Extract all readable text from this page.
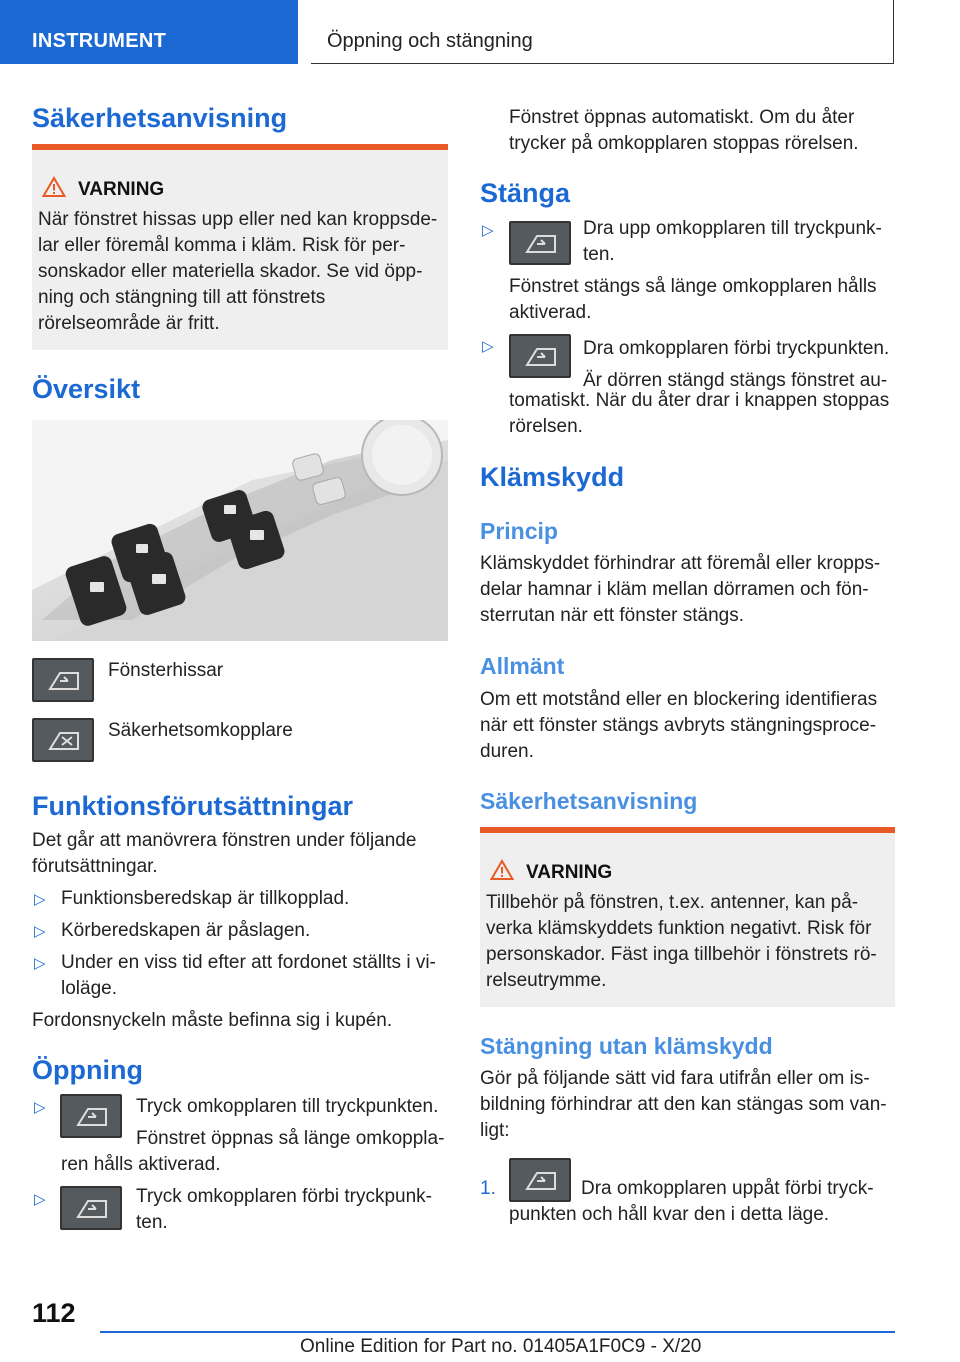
INSTRUMENT	Öppning och stängning
Säkerhetsanvisning
VARNING
När fönstret hissas upp eller ned kan kroppsde-
lar eller föremål komma i kläm. Risk för per-
sonskador eller materiella skador. Se vid öpp-
ning och stängning till att fönstrets
rörelseområde är fritt.
Översikt
Fönsterhissar
Säkerhetsomkopplare
Funktionsförutsättningar
Det går att manövrera fönstren under följande
förutsättningar.
▷ Funktionsberedskap är tillkopplad.
▷ Körberedskapen är påslagen.
▷ Under en viss tid efter att fordonet ställts i vi-
loläge.
Fordonsnyckeln måste befinna sig i kupén.
Öppning
▷	Tryck omkopplaren till tryckpunkten.
Fönstret öppnas så länge omkoppla-
ren hålls aktiverad.
▷	Tryck omkopplaren förbi tryckpunk-
ten.
Fönstret öppnas automatiskt. Om du åter
trycker på omkopplaren stoppas rörelsen.
Stänga
▷	Dra upp omkopplaren till tryckpunk-
ten.
Fönstret stängs så länge omkopplaren hålls
aktiverad.
▷	Dra omkopplaren förbi tryckpunkten.
Är dörren stängd stängs fönstret au-
tomatiskt. När du åter drar i knappen stoppas
rörelsen.
Klämskydd
Princip
Klämskyddet förhindrar att föremål eller kropps-
delar hamnar i kläm mellan dörramen och fön-
sterrutan när ett fönster stängs.
Allmänt
Om ett motstånd eller en blockering identifieras
när ett fönster stängs avbryts stängningsproce-
duren.
Säkerhetsanvisning
VARNING
Tillbehör på fönstren, t.ex. antenner, kan på-
verka klämskyddets funktion negativt. Risk för
personskador. Fäst inga tillbehör i fönstrets rö-
relseutrymme.
Stängning utan klämskydd
Gör på följande sätt vid fara utifrån eller om is-
bildning förhindrar att den kan stängas som van-
ligt:
1.	Dra omkopplaren uppåt förbi tryck-
punkten och håll kvar den i detta läge.
112
Online Edition for Part no. 01405A1F0C9 - X/20
